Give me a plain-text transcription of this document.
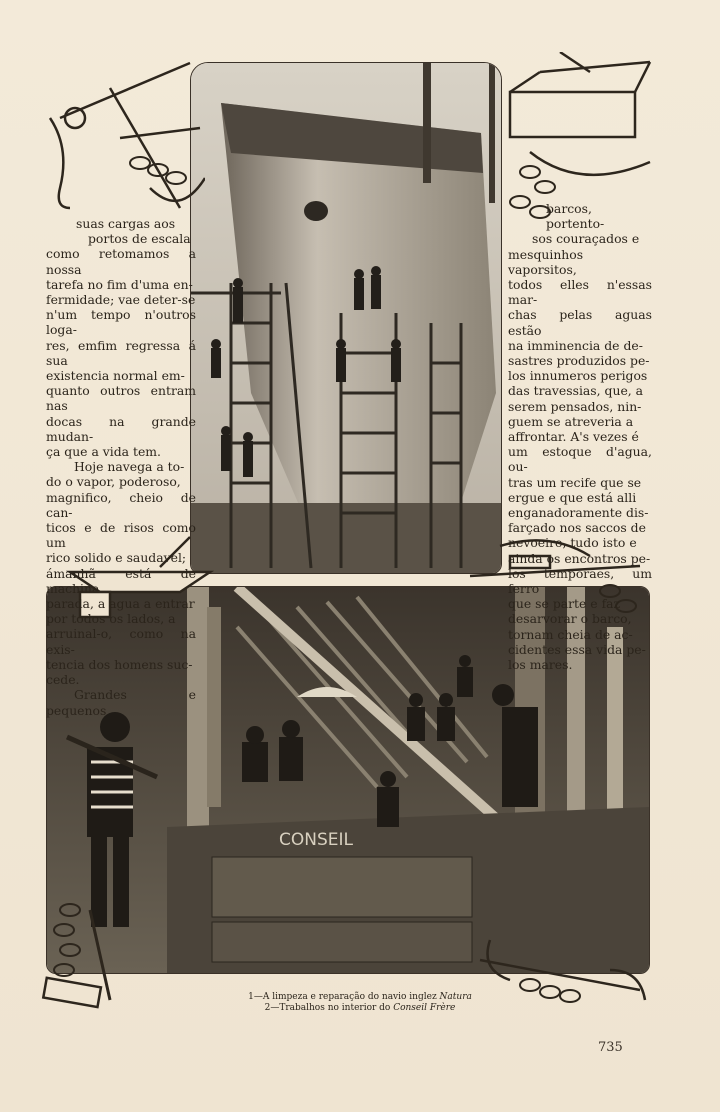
CONSEIL

suas cargas aos

portos de escala

como retomamos a nossa

tarefa no fim d'uma en-

fermidade; vae deter-se

n'um tempo n'outros loga-

res, emfim regressa á sua

existencia normal em-

quanto outros entram nas

docas na grande mudan-

ça que a vida tem.

Hoje navega a to-

do o vapor, poderoso,

magnifico, cheio de can-

ticos e de risos como um

rico solido e saudavel;

ámanhã está de machina

parada, a agua a entrar

por todos os lados, a

arruinal-o, como na exis-

tencia dos homens suc-

cede.

Grandes e pequenos

barcos, portento-

sos couraçados e

mesquinhos vaporsitos,

todos elles n'essas mar-

chas pelas aguas estão

na imminencia de de-

sastres produzidos pe-

los innumeros perigos

das travessias, que, a

serem pensados, nin-

guem se atreveria a

affrontar. A's vezes é

um estoque d'agua, ou-

tras um recife que se

ergue e que está alli

enganadoramente dis-

farçado nos saccos de

nevoeiro, tudo isto e

ainda os encontros pe-

los temporaes, um ferro

que se parte e faz

desarvorar o barco,

tornam cheia de ac-

cidentes essa vida pe-

los mares.

1—A limpeza e reparação do navio inglez Natura
2—Trabalhos no interior do Conseil Frère
735
